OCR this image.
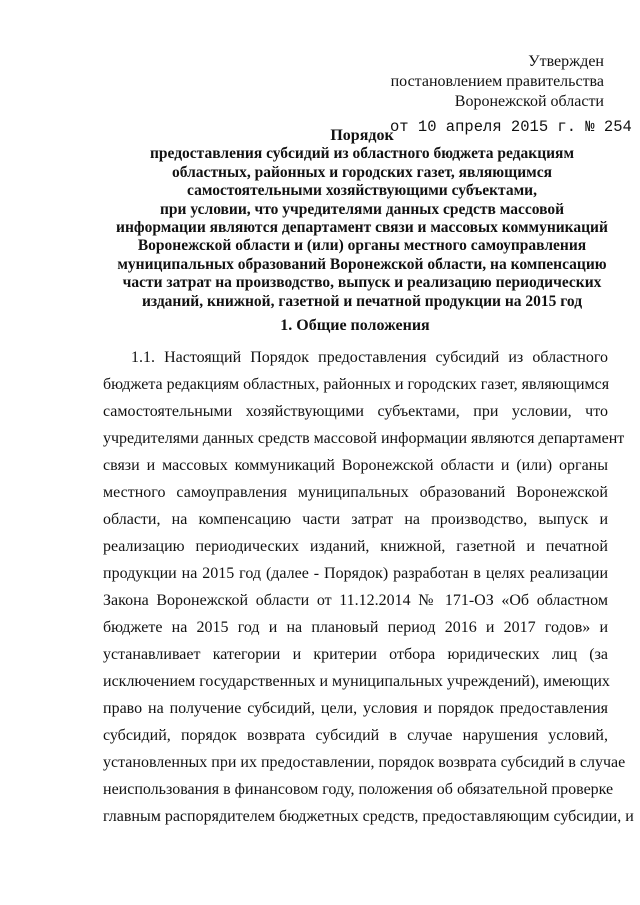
Утвержден
постановлением правительства
Воронежской области
от 10 апреля 2015 г. № 254
Порядок
предоставления субсидий из областного бюджета редакциям
областных, районных и городских газет, являющимся
самостоятельными хозяйствующими субъектами,
при условии, что учредителями данных средств массовой
информации являются департамент связи и массовых коммуникаций
Воронежской области и (или) органы местного самоуправления
муниципальных образований Воронежской области, на компенсацию
части затрат на производство, выпуск и реализацию периодических
изданий, книжной, газетной и печатной продукции на 2015 год
1. Общие положения
1.1. Настоящий Порядок предоставления субсидий из областного
бюджета редакциям областных, районных и городских газет, являющимся
самостоятельными хозяйствующими субъектами, при условии, что
учредителями данных средств массовой информации являются департамент
связи и массовых коммуникаций Воронежской области и (или) органы
местного самоуправления муниципальных образований Воронежской
области, на компенсацию части затрат на производство, выпуск и
реализацию периодических изданий, книжной, газетной и печатной
продукции на 2015 год (далее - Порядок) разработан в целях реализации
Закона Воронежской области от 11.12.2014 № 171-ОЗ «Об областном
бюджете на 2015 год и на плановый период 2016 и 2017 годов» и
устанавливает категории и критерии отбора юридических лиц (за
исключением государственных и муниципальных учреждений), имеющих
право на получение субсидий, цели, условия и порядок предоставления
субсидий, порядок возврата субсидий в случае нарушения условий,
установленных при их предоставлении, порядок возврата субсидий в случае
неиспользования в финансовом году, положения об обязательной проверке
главным распорядителем бюджетных средств, предоставляющим субсидии, и
